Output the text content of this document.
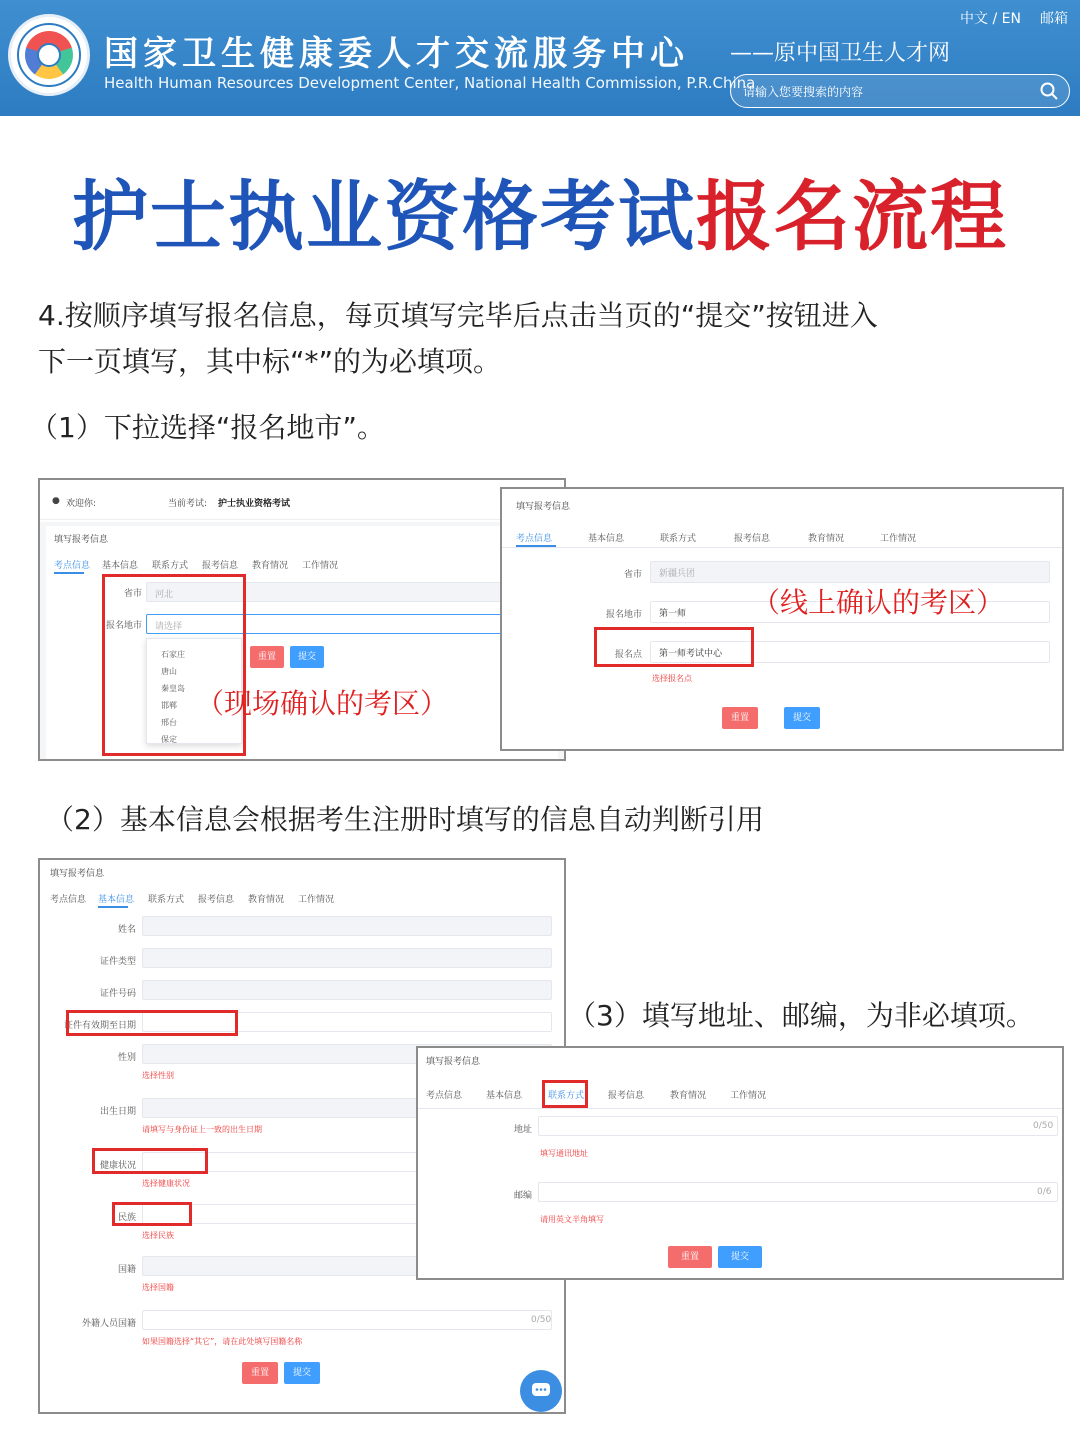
国家卫生健康委人才交流服务中心
Health Human Resources Development Center, National Health Commission, P.R.China
——原中国卫生人才网
中文 / EN 邮箱
请输入您要搜索的内容
护士执业资格考试报名流程
4.按顺序填写报名信息，每页填写完毕后点击当页的“提交”按钮进入
下一页填写，其中标“*”的为必填项。
（1）下拉选择“报名地市”。
● 欢迎你:	当前考试: 护士执业资格考试
填写报考信息
考点信息 基本信息 联系方式 报考信息 教育情况 工作情况
省市 河北
报名地市 请选择
石家庄
唐山
秦皇岛
邯郸
邢台
保定
重置	提交
（现场确认的考区）
填写报考信息
考点信息	基本信息	联系方式	报考信息	教育情况	工作情况
省市 新疆兵团
报名地市 第一师
报名点 第一师考试中心
选择报名点
重置	提交
（线上确认的考区）
（2）基本信息会根据考生注册时填写的信息自动判断引用
填写报考信息
考点信息 基本信息 联系方式 报考信息 教育情况 工作情况
姓名
证件类型
证件号码
证件有效期至日期
性别
选择性别
出生日期
请填写与身份证上一致的出生日期
健康状况
选择健康状况
民族
选择民族
国籍
选择国籍
外籍人员国籍	0/50
如果国籍选择“其它”，请在此处填写国籍名称
重置	提交
（3）填写地址、邮编，为非必填项。
填写报考信息
考点信息	基本信息	联系方式	报考信息	教育情况	工作情况
地址	0/50
填写通讯地址
邮编	0/6
请用英文半角填写
重置	提交
